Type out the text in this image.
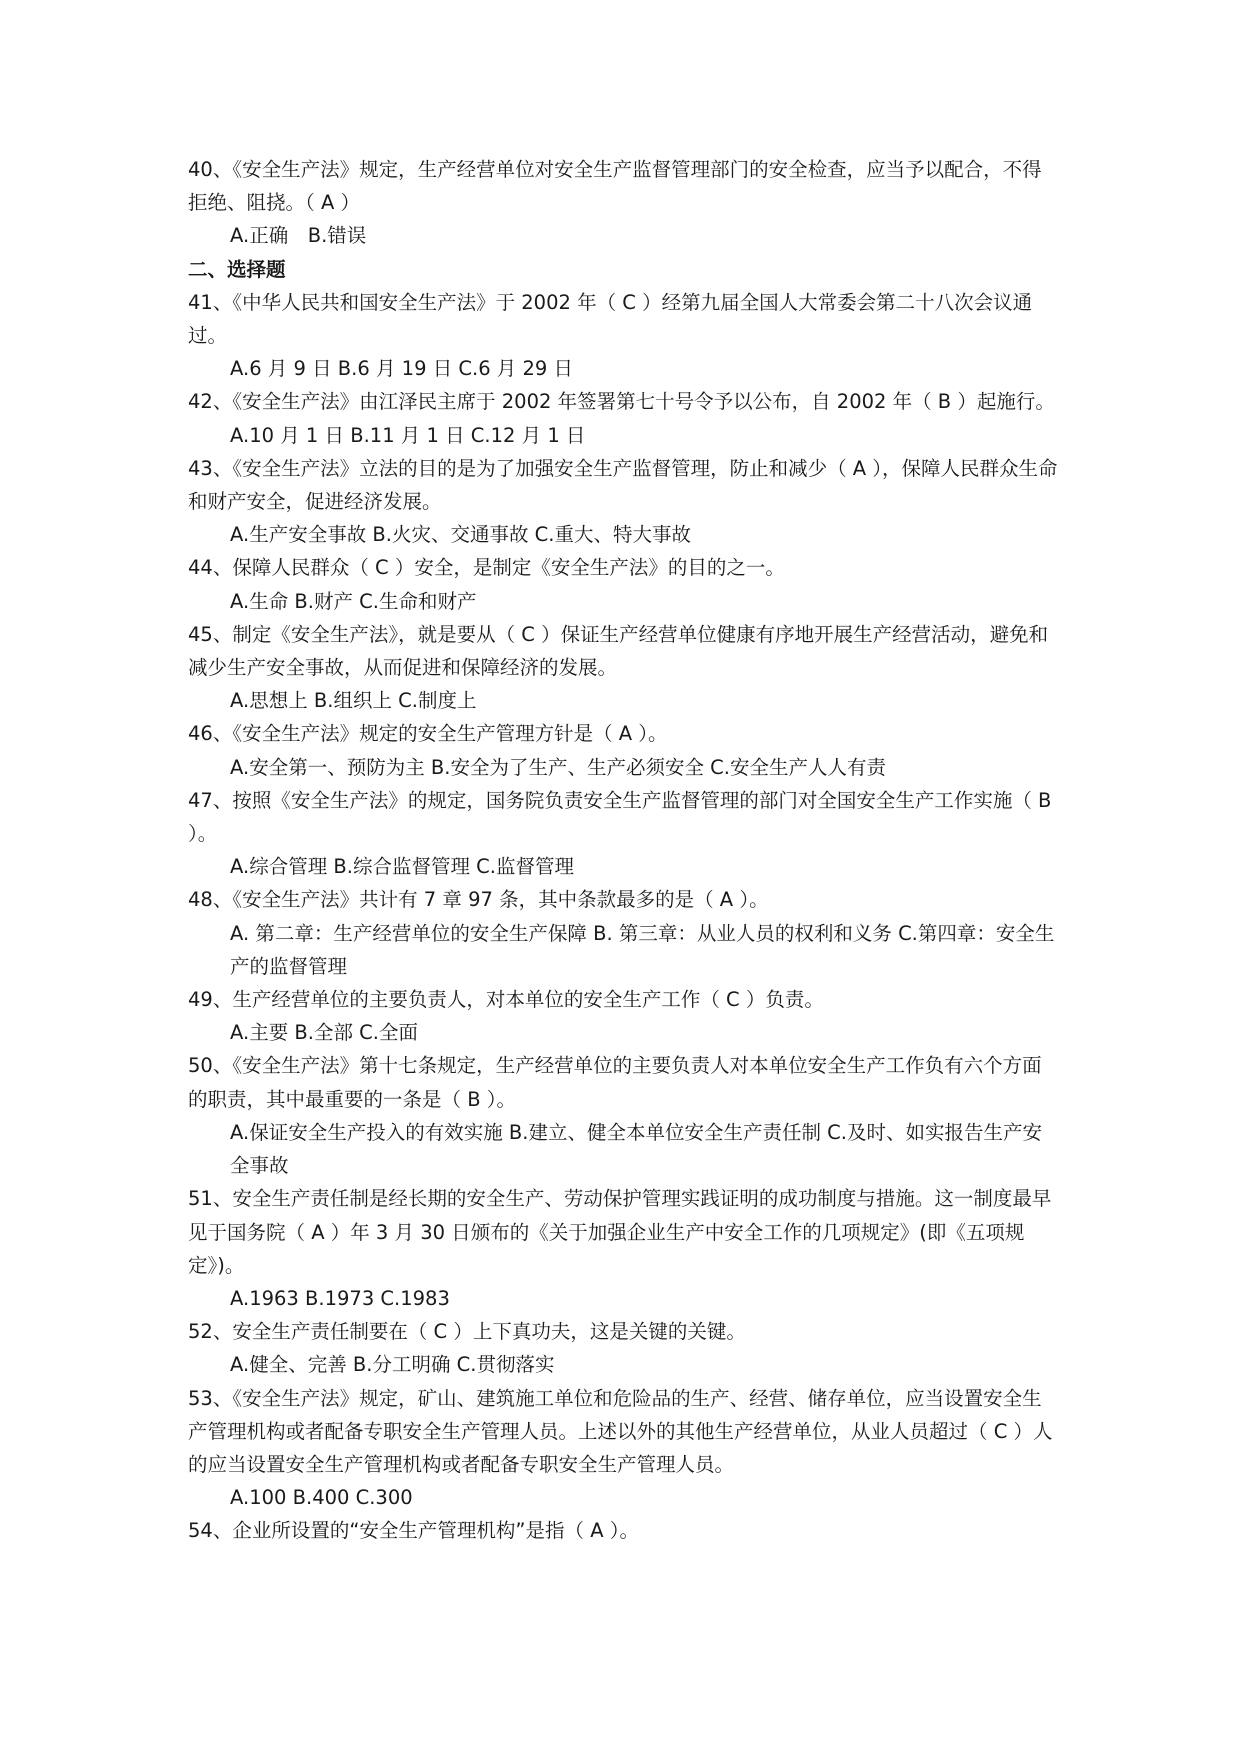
40、《安全生产法》规定，生产经营单位对安全生产监督管理部门的安全检查，应当予以配合，不得拒绝、阻挠。（ A ）

A.正确　B.错误

二、选择题

41、《中华人民共和国安全生产法》于 2002 年（ C ）经第九届全国人大常委会第二十八次会议通过。

A.6 月 9 日 B.6 月 19 日 C.6 月 29 日

42、《安全生产法》由江泽民主席于 2002 年签署第七十号令予以公布，自 2002 年（ B ）起施行。

A.10 月 1 日 B.11 月 1 日 C.12 月 1 日

43、《安全生产法》立法的目的是为了加强安全生产监督管理，防止和减少（ A ），保障人民群众生命和财产安全，促进经济发展。

A.生产安全事故 B.火灾、交通事故 C.重大、特大事故

44、保障人民群众（ C ）安全，是制定《安全生产法》的目的之一。

A.生命 B.财产 C.生命和财产

45、制定《安全生产法》，就是要从（ C ）保证生产经营单位健康有序地开展生产经营活动，避免和减少生产安全事故，从而促进和保障经济的发展。

A.思想上 B.组织上 C.制度上

46、《安全生产法》规定的安全生产管理方针是（ A ）。

A.安全第一、预防为主 B.安全为了生产、生产必须安全 C.安全生产人人有责

47、按照《安全生产法》的规定，国务院负责安全生产监督管理的部门对全国安全生产工作实施（ B ）。

A.综合管理 B.综合监督管理 C.监督管理

48、《安全生产法》共计有 7 章 97 条，其中条款最多的是（ A ）。

A. 第二章：生产经营单位的安全生产保障 B. 第三章：从业人员的权利和义务 C.第四章：安全生产的监督管理

49、生产经营单位的主要负责人，对本单位的安全生产工作（ C ）负责。

A.主要 B.全部 C.全面

50、《安全生产法》第十七条规定，生产经营单位的主要负责人对本单位安全生产工作负有六个方面的职责，其中最重要的一条是（ B ）。

A.保证安全生产投入的有效实施 B.建立、健全本单位安全生产责任制 C.及时、如实报告生产安全事故

51、安全生产责任制是经长期的安全生产、劳动保护管理实践证明的成功制度与措施。这一制度最早见于国务院（ A ）年 3 月 30 日颁布的《关于加强企业生产中安全工作的几项规定》(即《五项规定》)。

A.1963 B.1973 C.1983

52、安全生产责任制要在（ C ）上下真功夫，这是关键的关键。

A.健全、完善 B.分工明确 C.贯彻落实

53、《安全生产法》规定，矿山、建筑施工单位和危险品的生产、经营、储存单位，应当设置安全生产管理机构或者配备专职安全生产管理人员。上述以外的其他生产经营单位，从业人员超过（ C ）人的应当设置安全生产管理机构或者配备专职安全生产管理人员。

A.100 B.400 C.300

54、企业所设置的“安全生产管理机构”是指（ A ）。
